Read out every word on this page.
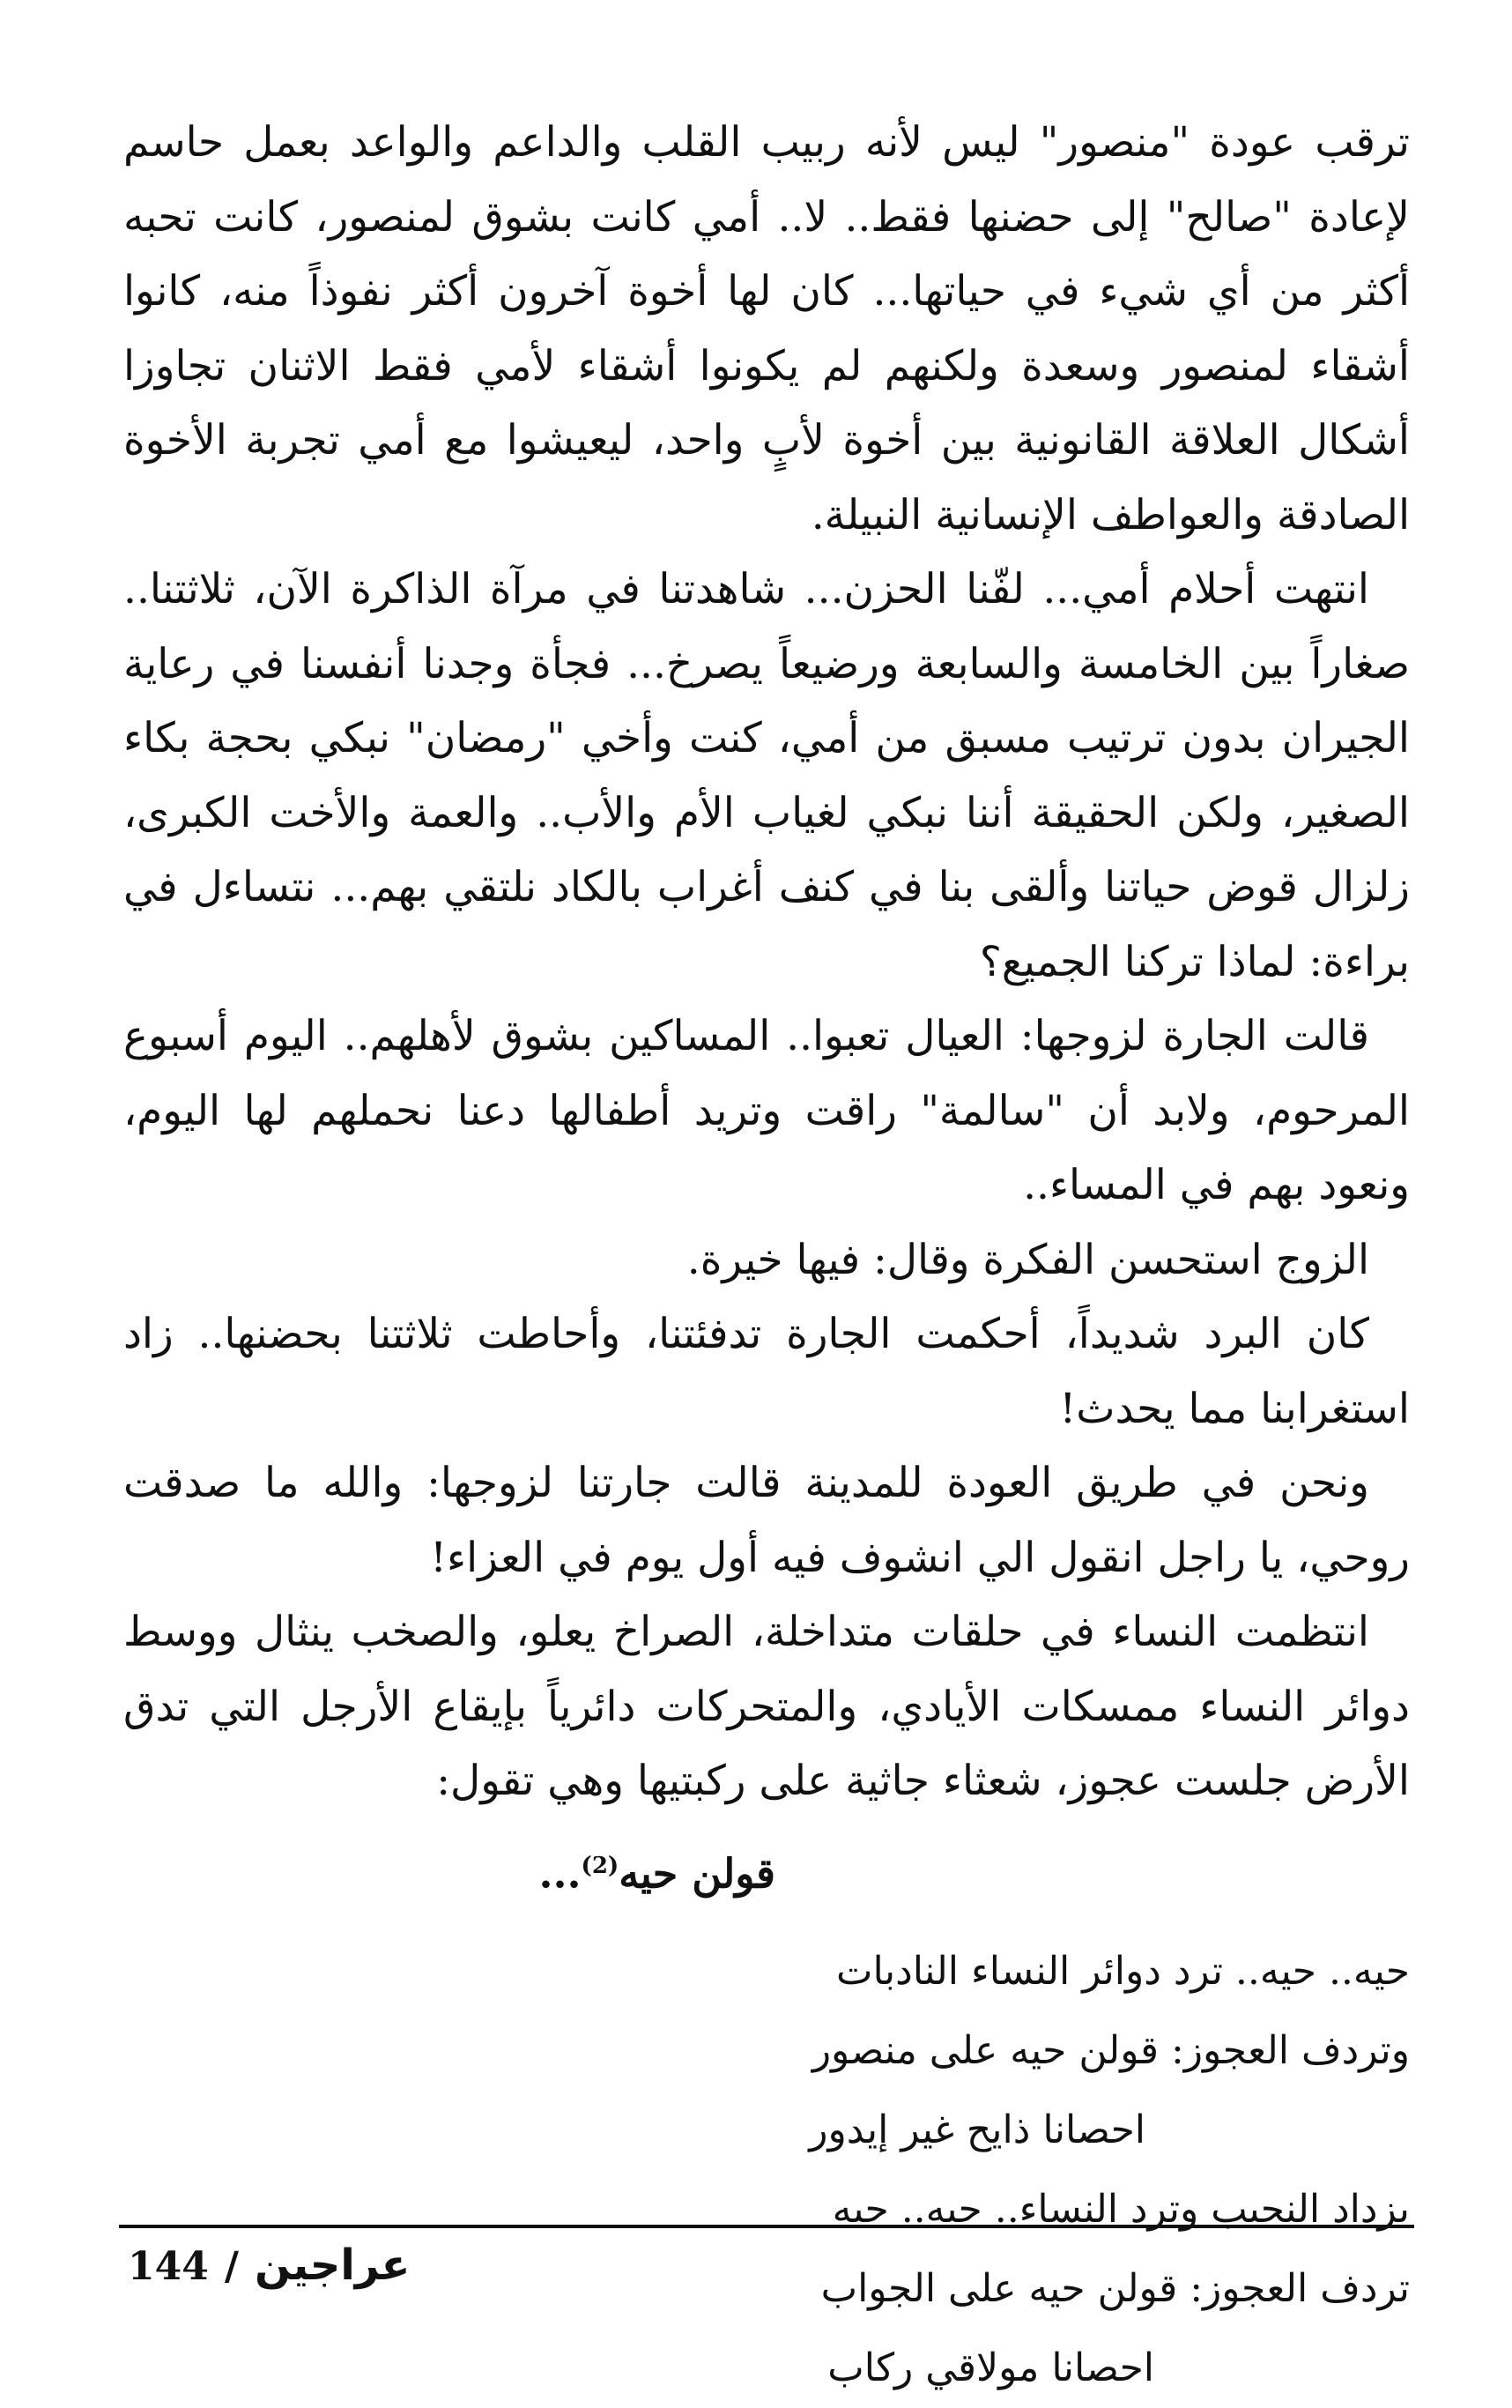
ترقب عودة "منصور" ليس لأنه ربيب القلب والداعم والواعد بعمل حاسم لإعادة "صالح" إلى حضنها فقط.. لا.. أمي كانت بشوق لمنصور، كانت تحبه أكثر من أي شيء في حياتها... كان لها أخوة آخرون أكثر نفوذاً منه، كانوا أشقاء لمنصور وسعدة ولكنهم لم يكونوا أشقاء لأمي فقط الاثنان تجاوزا أشكال العلاقة القانونية بين أخوة لأبٍ واحد، ليعيشوا مع أمي تجربة الأخوة الصادقة والعواطف الإنسانية النبيلة.

انتهت أحلام أمي... لفّنا الحزن... شاهدتنا في مرآة الذاكرة الآن، ثلاثتنا.. صغاراً بين الخامسة والسابعة ورضيعاً يصرخ... فجأة وجدنا أنفسنا في رعاية الجيران بدون ترتيب مسبق من أمي، كنت وأخي "رمضان" نبكي بحجة بكاء الصغير، ولكن الحقيقة أننا نبكي لغياب الأم والأب.. والعمة والأخت الكبرى، زلزال قوض حياتنا وألقى بنا في كنف أغراب بالكاد نلتقي بهم... نتساءل في براءة: لماذا تركنا الجميع؟

قالت الجارة لزوجها: العيال تعبوا.. المساكين بشوق لأهلهم.. اليوم أسبوع المرحوم، ولابد أن "سالمة" راقت وتريد أطفالها دعنا نحملهم لها اليوم، ونعود بهم في المساء..

الزوج استحسن الفكرة وقال: فيها خيرة.

كان البرد شديداً، أحكمت الجارة تدفئتنا، وأحاطت ثلاثتنا بحضنها.. زاد استغرابنا مما يحدث!

ونحن في طريق العودة للمدينة قالت جارتنا لزوجها: والله ما صدقت روحي، يا راجل انقول الي انشوف فيه أول يوم في العزاء!

انتظمت النساء في حلقات متداخلة، الصراخ يعلو، والصخب ينثال ووسط دوائر النساء ممسكات الأيادي، والمتحركات دائرياً بإيقاع الأرجل التي تدق الأرض جلست عجوز، شعثاء جاثية على ركبتيها وهي تقول:

قولن حيه$^{(2)}$...

حيه.. حيه.. ترد دوائر النساء النادبات

وتردف العجوز: قولن حيه على منصور

احصانا ذايح غير إيدور

يزداد النحيب وترد النساء.. حيه.. حيه

تردف العجوز: قولن حيه على الجواب

احصانا مولاقي ركاب

144 / عراجين
